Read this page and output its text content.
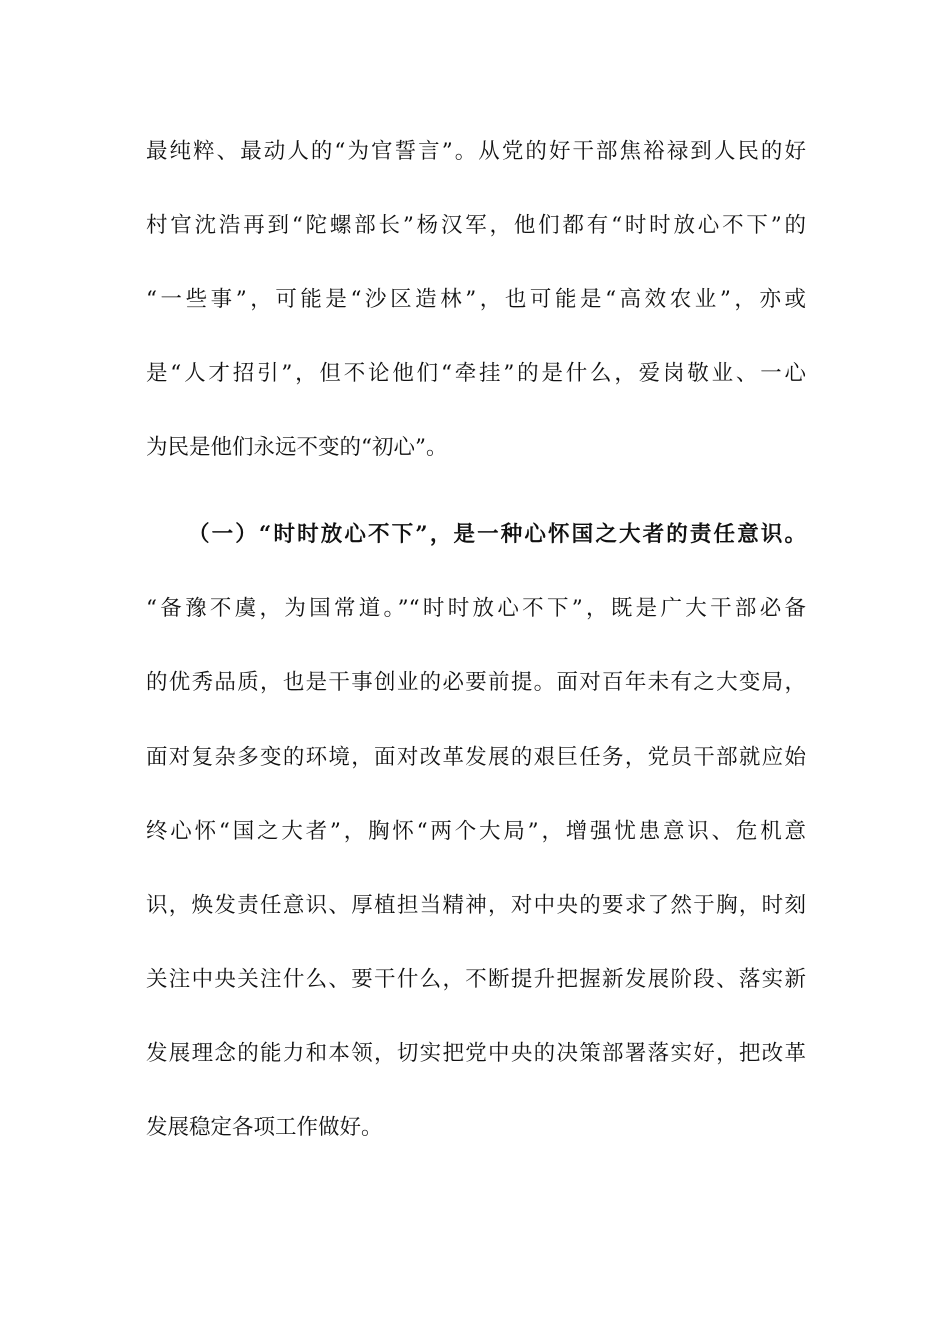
最纯粹、最动人的“为官誓言”。从党的好干部焦裕禄到人民的好
村官沈浩再到“陀螺部长”杨汉军，他们都有“时时放心不下”的
“一些事”，可能是“沙区造林”，也可能是“高效农业”，亦或
是“人才招引”，但不论他们“牵挂”的是什么，爱岗敬业、一心
为民是他们永远不变的“初心”。
（一）“时时放心不下”，是一种心怀国之大者的责任意识。
“备豫不虞，为国常道。”“时时放心不下”，既是广大干部必备
的优秀品质，也是干事创业的必要前提。面对百年未有之大变局，
面对复杂多变的环境，面对改革发展的艰巨任务，党员干部就应始
终心怀“国之大者”，胸怀“两个大局”，增强忧患意识、危机意
识，焕发责任意识、厚植担当精神，对中央的要求了然于胸，时刻
关注中央关注什么、要干什么，不断提升把握新发展阶段、落实新
发展理念的能力和本领，切实把党中央的决策部署落实好，把改革
发展稳定各项工作做好。
